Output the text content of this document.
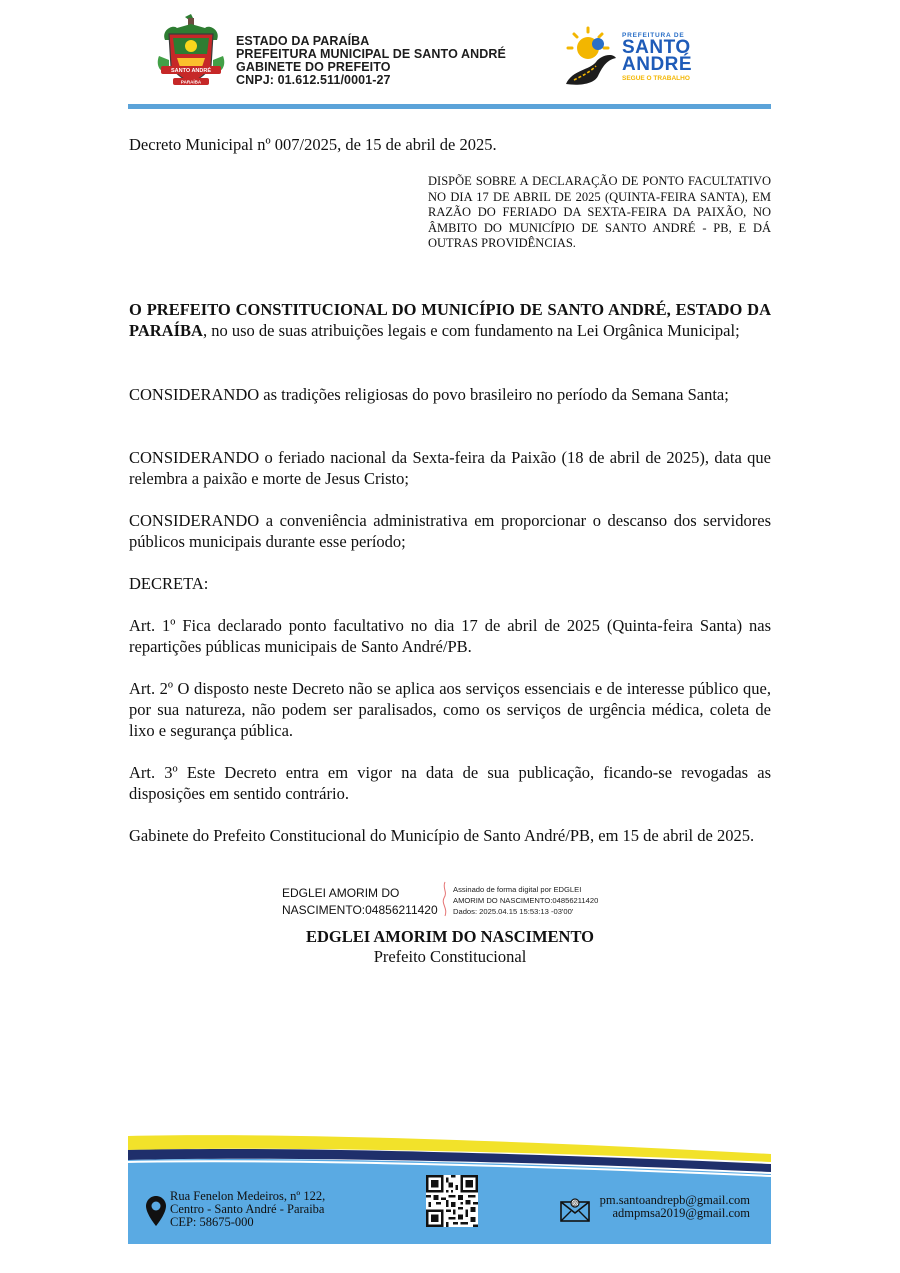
SANTO ANDRÉ
PARAÍBA
ESTADO DA PARAÍBA
PREFEITURA MUNICIPAL DE SANTO ANDRÉ
GABINETE DO PREFEITO
CNPJ: 01.612.511/0001-27
PREFEITURA DE
SANTO
ANDRÉ
SEGUE O TRABALHO
Decreto Municipal nº 007/2025, de 15 de abril de 2025.
DISPÕE SOBRE A DECLARAÇÃO DE PONTO FACULTATIVO NO DIA 17 DE ABRIL DE 2025 (QUINTA-FEIRA SANTA), EM RAZÃO DO FERIADO DA SEXTA-FEIRA DA PAIXÃO, NO ÂMBITO DO MUNICÍPIO DE SANTO ANDRÉ - PB, E DÁ OUTRAS PROVIDÊNCIAS.
O PREFEITO CONSTITUCIONAL DO MUNICÍPIO DE SANTO ANDRÉ, ESTADO DA PARAÍBA, no uso de suas atribuições legais e com fundamento na Lei Orgânica Municipal;
CONSIDERANDO as tradições religiosas do povo brasileiro no período da Semana Santa;
CONSIDERANDO o feriado nacional da Sexta-feira da Paixão (18 de abril de 2025), data que relembra a paixão e morte de Jesus Cristo;
CONSIDERANDO a conveniência administrativa em proporcionar o descanso dos servidores públicos municipais durante esse período;
DECRETA:
Art. 1º Fica declarado ponto facultativo no dia 17 de abril de 2025 (Quinta-feira Santa) nas repartições públicas municipais de Santo André/PB.
Art. 2º O disposto neste Decreto não se aplica aos serviços essenciais e de interesse público que, por sua natureza, não podem ser paralisados, como os serviços de urgência médica, coleta de lixo e segurança pública.
Art. 3º Este Decreto entra em vigor na data de sua publicação, ficando-se revogadas as disposições em sentido contrário.
Gabinete do Prefeito Constitucional do Município de Santo André/PB, em 15 de abril de 2025.
EDGLEI AMORIM DO
NASCIMENTO:04856211420
Assinado de forma digital por EDGLEI
AMORIM DO NASCIMENTO:04856211420
Dados: 2025.04.15 15:53:13 -03'00'
EDGLEI AMORIM DO NASCIMENTO
Prefeito Constitucional
Rua Fenelon Medeiros, nº 122,
Centro - Santo André - Paraiba
CEP: 58675-000
@	pm.santoandrepb@gmail.com
admpmsa2019@gmail.com
